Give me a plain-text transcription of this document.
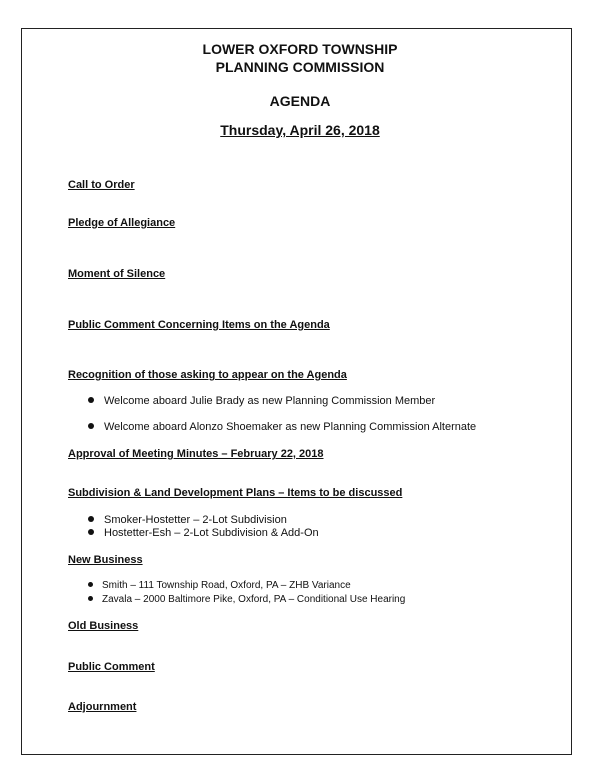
LOWER OXFORD TOWNSHIP
PLANNING COMMISSION
AGENDA
Thursday, April 26, 2018
Call to Order
Pledge of Allegiance
Moment of Silence
Public Comment Concerning Items on the Agenda
Recognition of those asking to appear on the Agenda
Welcome aboard Julie Brady as new Planning Commission Member
Welcome aboard Alonzo Shoemaker as new Planning Commission Alternate
Approval of Meeting Minutes – February 22, 2018
Subdivision & Land Development Plans – Items to be discussed
Smoker-Hostetter – 2-Lot Subdivision
Hostetter-Esh – 2-Lot Subdivision & Add-On
New Business
Smith – 111 Township Road, Oxford, PA – ZHB Variance
Zavala – 2000 Baltimore Pike, Oxford, PA – Conditional Use Hearing
Old Business
Public Comment
Adjournment
